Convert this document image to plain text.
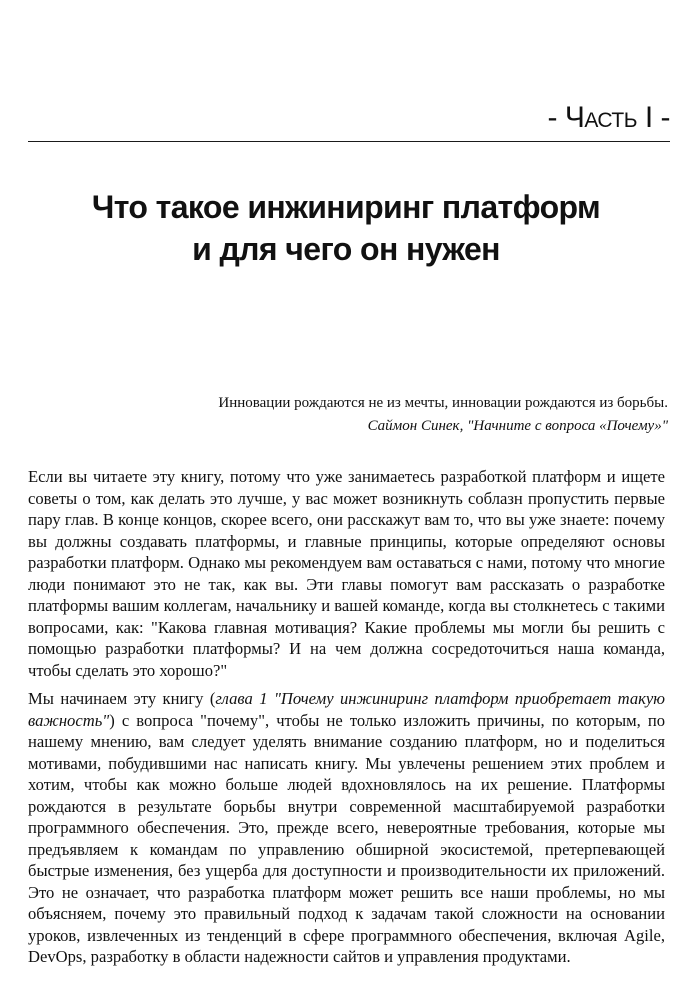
- Часть I -
Что такое инжиниринг платформ
и для чего он нужен
Инновации рождаются не из мечты, инновации рождаются из борьбы.
Саймон Синек, "Начните с вопроса «Почему»"

Если вы читаете эту книгу, потому что уже занимаетесь разработкой платформ и ищете советы о том, как делать это лучше, у вас может возникнуть соблазн пропустить первые пару глав. В конце концов, скорее всего, они расскажут вам то, что вы уже знаете: почему вы должны создавать платформы, и главные принципы, которые определяют основы разработки платформ. Однако мы рекомендуем вам оставаться с нами, потому что многие люди понимают это не так, как вы. Эти главы помогут вам рассказать о разработке платформы вашим коллегам, начальнику и вашей команде, когда вы столкнетесь с такими вопросами, как: "Какова главная мотивация? Какие проблемы мы могли бы решить с помощью разработки платформы? И на чем должна сосредоточиться наша команда, чтобы сделать это хорошо?"

Мы начинаем эту книгу (глава 1 "Почему инжиниринг платформ приобретает такую важность") с вопроса "почему", чтобы не только изложить причины, по которым, по нашему мнению, вам следует уделять внимание созданию платформ, но и поделиться мотивами, побудившими нас написать книгу. Мы увлечены решением этих проблем и хотим, чтобы как можно больше людей вдохновлялось на их решение. Платформы рождаются в результате борьбы внутри современной масштабируемой разработки программного обеспечения. Это, прежде всего, невероятные требования, которые мы предъявляем к командам по управлению обширной экосистемой, претерпевающей быстрые изменения, без ущерба для доступности и производительности их приложений. Это не означает, что разработка платформ может решить все наши проблемы, но мы объясняем, почему это правильный подход к задачам такой сложности на основании уроков, извлеченных из тенденций в сфере программного обеспечения, включая Agile, DevOps, разработку в области надежности сайтов и управления продуктами.
